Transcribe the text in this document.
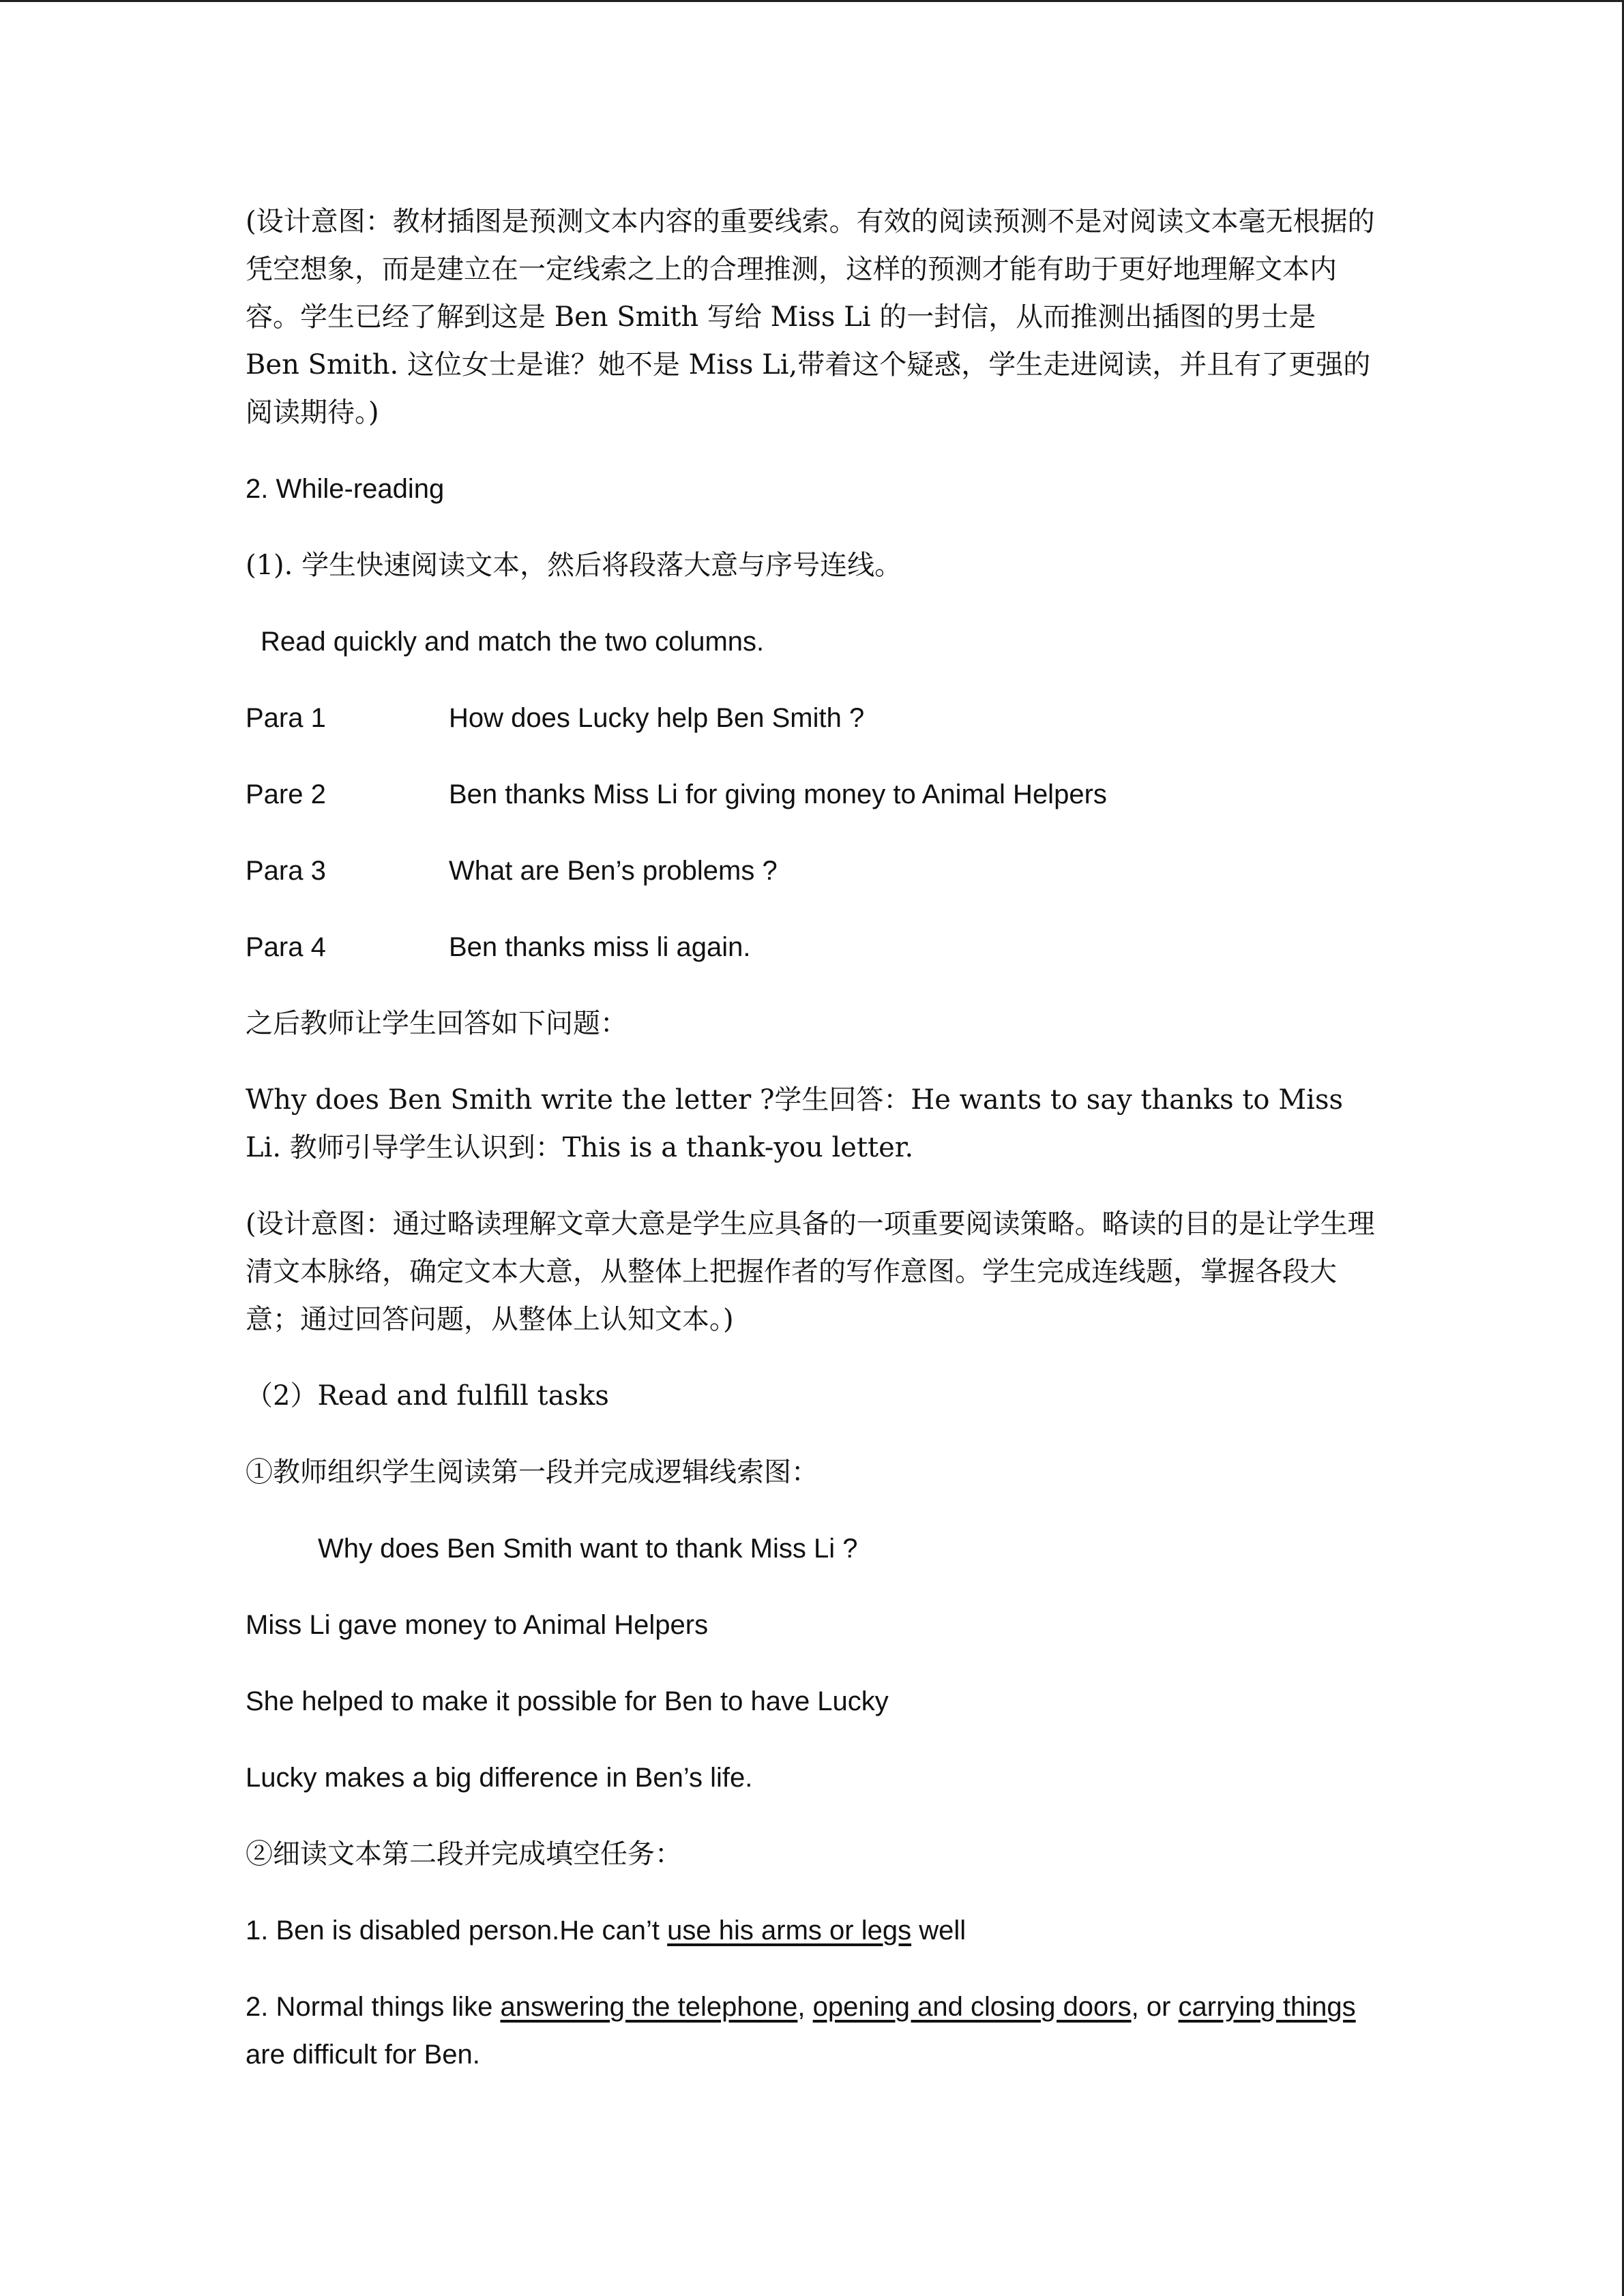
(设计意图：教材插图是预测文本内容的重要线索。有效的阅读预测不是对阅读文本毫无根据的凭空想象，而是建立在一定线索之上的合理推测，这样的预测才能有助于更好地理解文本内容。学生已经了解到这是 Ben Smith 写给 Miss Li 的一封信，从而推测出插图的男士是 Ben Smith. 这位女士是谁？她不是 Miss Li,带着这个疑惑，学生走进阅读，并且有了更强的阅读期待。)

2. While-reading

(1). 学生快速阅读文本，然后将段落大意与序号连线。

Read quickly and match the two columns.

Para 1	How does Lucky help Ben Smith ?
Pare 2	Ben thanks Miss Li for giving money to Animal Helpers
Para 3	What are Ben’s problems ?
Para 4	Ben thanks miss li again.

之后教师让学生回答如下问题：

Why does Ben Smith write the letter ?学生回答：He wants to say thanks to Miss Li. 教师引导学生认识到：This is a thank-you letter.

(设计意图：通过略读理解文章大意是学生应具备的一项重要阅读策略。略读的目的是让学生理清文本脉络，确定文本大意，从整体上把握作者的写作意图。学生完成连线题，掌握各段大意；通过回答问题，从整体上认知文本。)

（2）Read and fulfill tasks

①教师组织学生阅读第一段并完成逻辑线索图：

Why does Ben Smith want to thank Miss Li ?

Miss Li gave money to Animal Helpers

She helped to make it possible for Ben to have Lucky

Lucky makes a big difference in Ben’s life.

②细读文本第二段并完成填空任务：

1. Ben is disabled person.He can’t use his arms or legs well

2. Normal things like answering the telephone, opening and closing doors, or carrying things are difficult for Ben.
